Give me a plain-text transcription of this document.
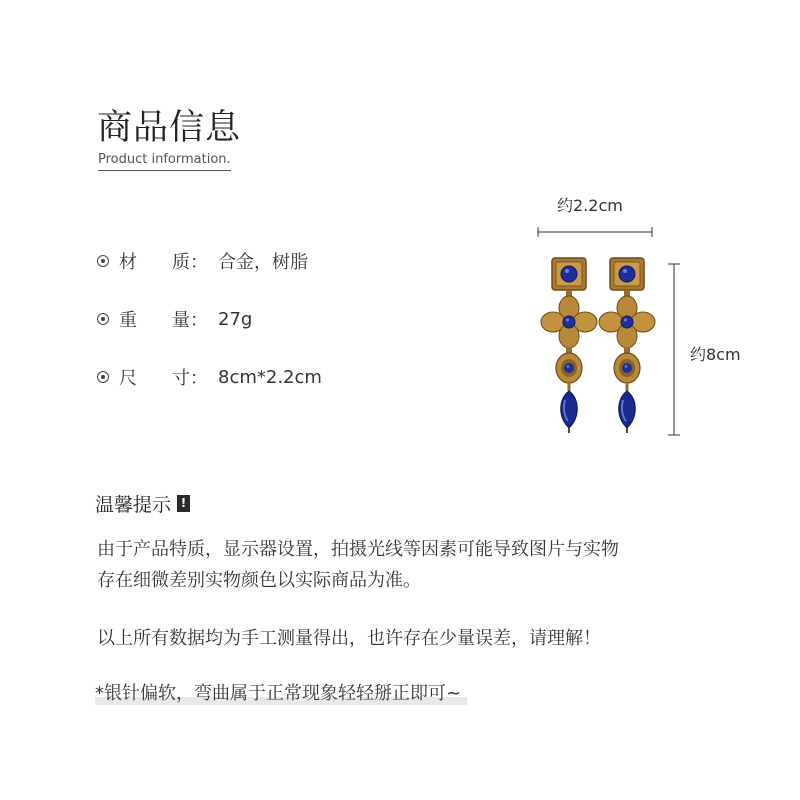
商品信息
Product information.
材	质： 合金，树脂
重	量： 27g
尺	寸： 8cm*2.2cm
约2.2cm
约8cm
温馨提示 !
由于产品特质，显示器设置，拍摄光线等因素可能导致图片与实物
存在细微差别实物颜色以实际商品为准。
以上所有数据均为手工测量得出，也许存在少量误差，请理解！
*银针偏软，弯曲属于正常现象轻轻掰正即可~
